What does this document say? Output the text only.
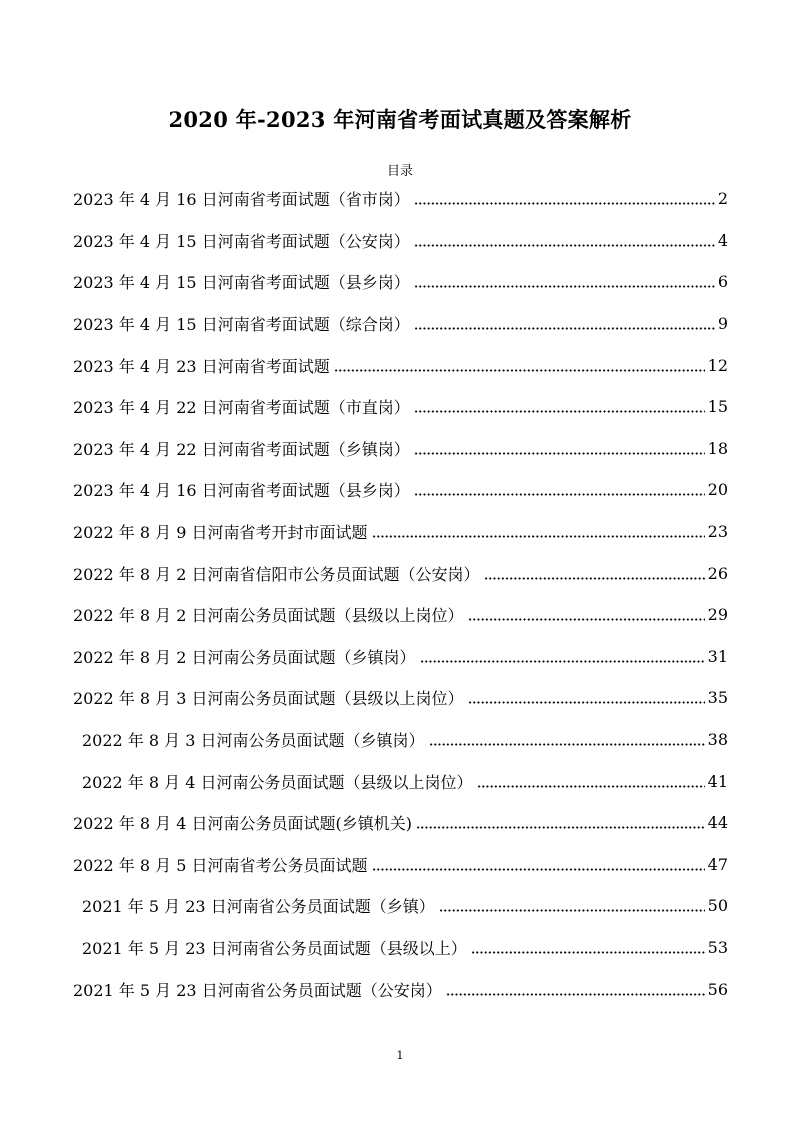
2020 年-2023 年河南省考面试真题及答案解析
目录
2023 年 4 月 16 日河南省考面试题（省市岗）	2
2023 年 4 月 15 日河南省考面试题（公安岗）	4
2023 年 4 月 15 日河南省考面试题（县乡岗）	6
2023 年 4 月 15 日河南省考面试题（综合岗）	9
2023 年 4 月 23 日河南省考面试题	12
2023 年 4 月 22 日河南省考面试题（市直岗）	15
2023 年 4 月 22 日河南省考面试题（乡镇岗）	18
2023 年 4 月 16 日河南省考面试题（县乡岗）	20
2022 年 8 月 9 日河南省考开封市面试题	23
2022 年 8 月 2 日河南省信阳市公务员面试题（公安岗）	26
2022 年 8 月 2 日河南公务员面试题（县级以上岗位）	29
2022 年 8 月 2 日河南公务员面试题（乡镇岗）	31
2022 年 8 月 3 日河南公务员面试题（县级以上岗位）	35
2022 年 8 月 3 日河南公务员面试题（乡镇岗）	38
2022 年 8 月 4 日河南公务员面试题（县级以上岗位）	41
2022 年 8 月 4 日河南公务员面试题(乡镇机关)	44
2022 年 8 月 5 日河南省考公务员面试题	47
2021 年 5 月 23 日河南省公务员面试题（乡镇）	50
2021 年 5 月 23 日河南省公务员面试题（县级以上）	53
2021 年 5 月 23 日河南省公务员面试题（公安岗）	56
1
